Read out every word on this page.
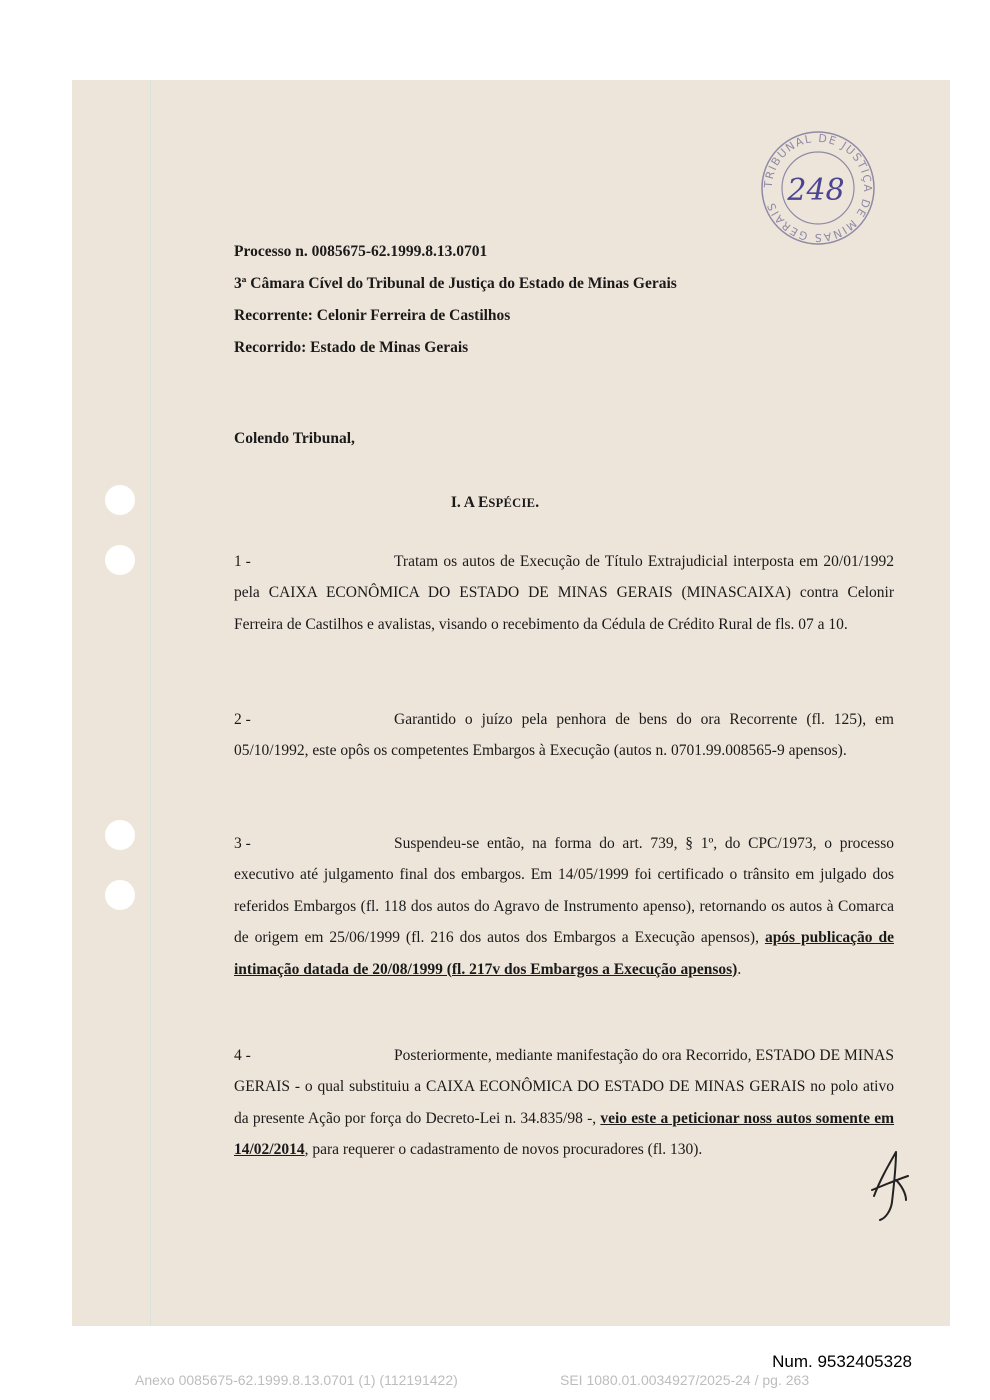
TRIBUNAL DE JUSTIÇA DE MINAS GERAIS 248
Processo n. 0085675-62.1999.8.13.0701
3ª Câmara Cível do Tribunal de Justiça do Estado de Minas Gerais
Recorrente: Celonir Ferreira de Castilhos
Recorrido: Estado de Minas Gerais
Colendo Tribunal,
I. A ESPÉCIE.
1 -	Tratam os autos de Execução de Título Extrajudicial interposta em 20/01/1992 pela CAIXA ECONÔMICA DO ESTADO DE MINAS GERAIS (MINASCAIXA) contra Celonir Ferreira de Castilhos e avalistas, visando o recebimento da Cédula de Crédito Rural de fls. 07 a 10.
2 -	Garantido o juízo pela penhora de bens do ora Recorrente (fl. 125), em 05/10/1992, este opôs os competentes Embargos à Execução (autos n. 0701.99.008565-9 apensos).
3 -	Suspendeu-se então, na forma do art. 739, § 1º, do CPC/1973, o processo executivo até julgamento final dos embargos. Em 14/05/1999 foi certificado o trânsito em julgado dos referidos Embargos (fl. 118 dos autos do Agravo de Instrumento apenso), retornando os autos à Comarca de origem em 25/06/1999 (fl. 216 dos autos dos Embargos a Execução apensos), após publicação de intimação datada de 20/08/1999 (fl. 217v dos Embargos a Execução apensos).
4 -	Posteriormente, mediante manifestação do ora Recorrido, ESTADO DE MINAS GERAIS - o qual substituiu a CAIXA ECONÔMICA DO ESTADO DE MINAS GERAIS no polo ativo da presente Ação por força do Decreto-Lei n. 34.835/98 -, veio este a peticionar noss autos somente em 14/02/2014, para requerer o cadastramento de novos procuradores (fl. 130).
Num. 9532405328
Anexo 0085675-62.1999.8.13.0701 (1) (112191422)	SEI 1080.01.0034927/2025-24 / pg. 263
